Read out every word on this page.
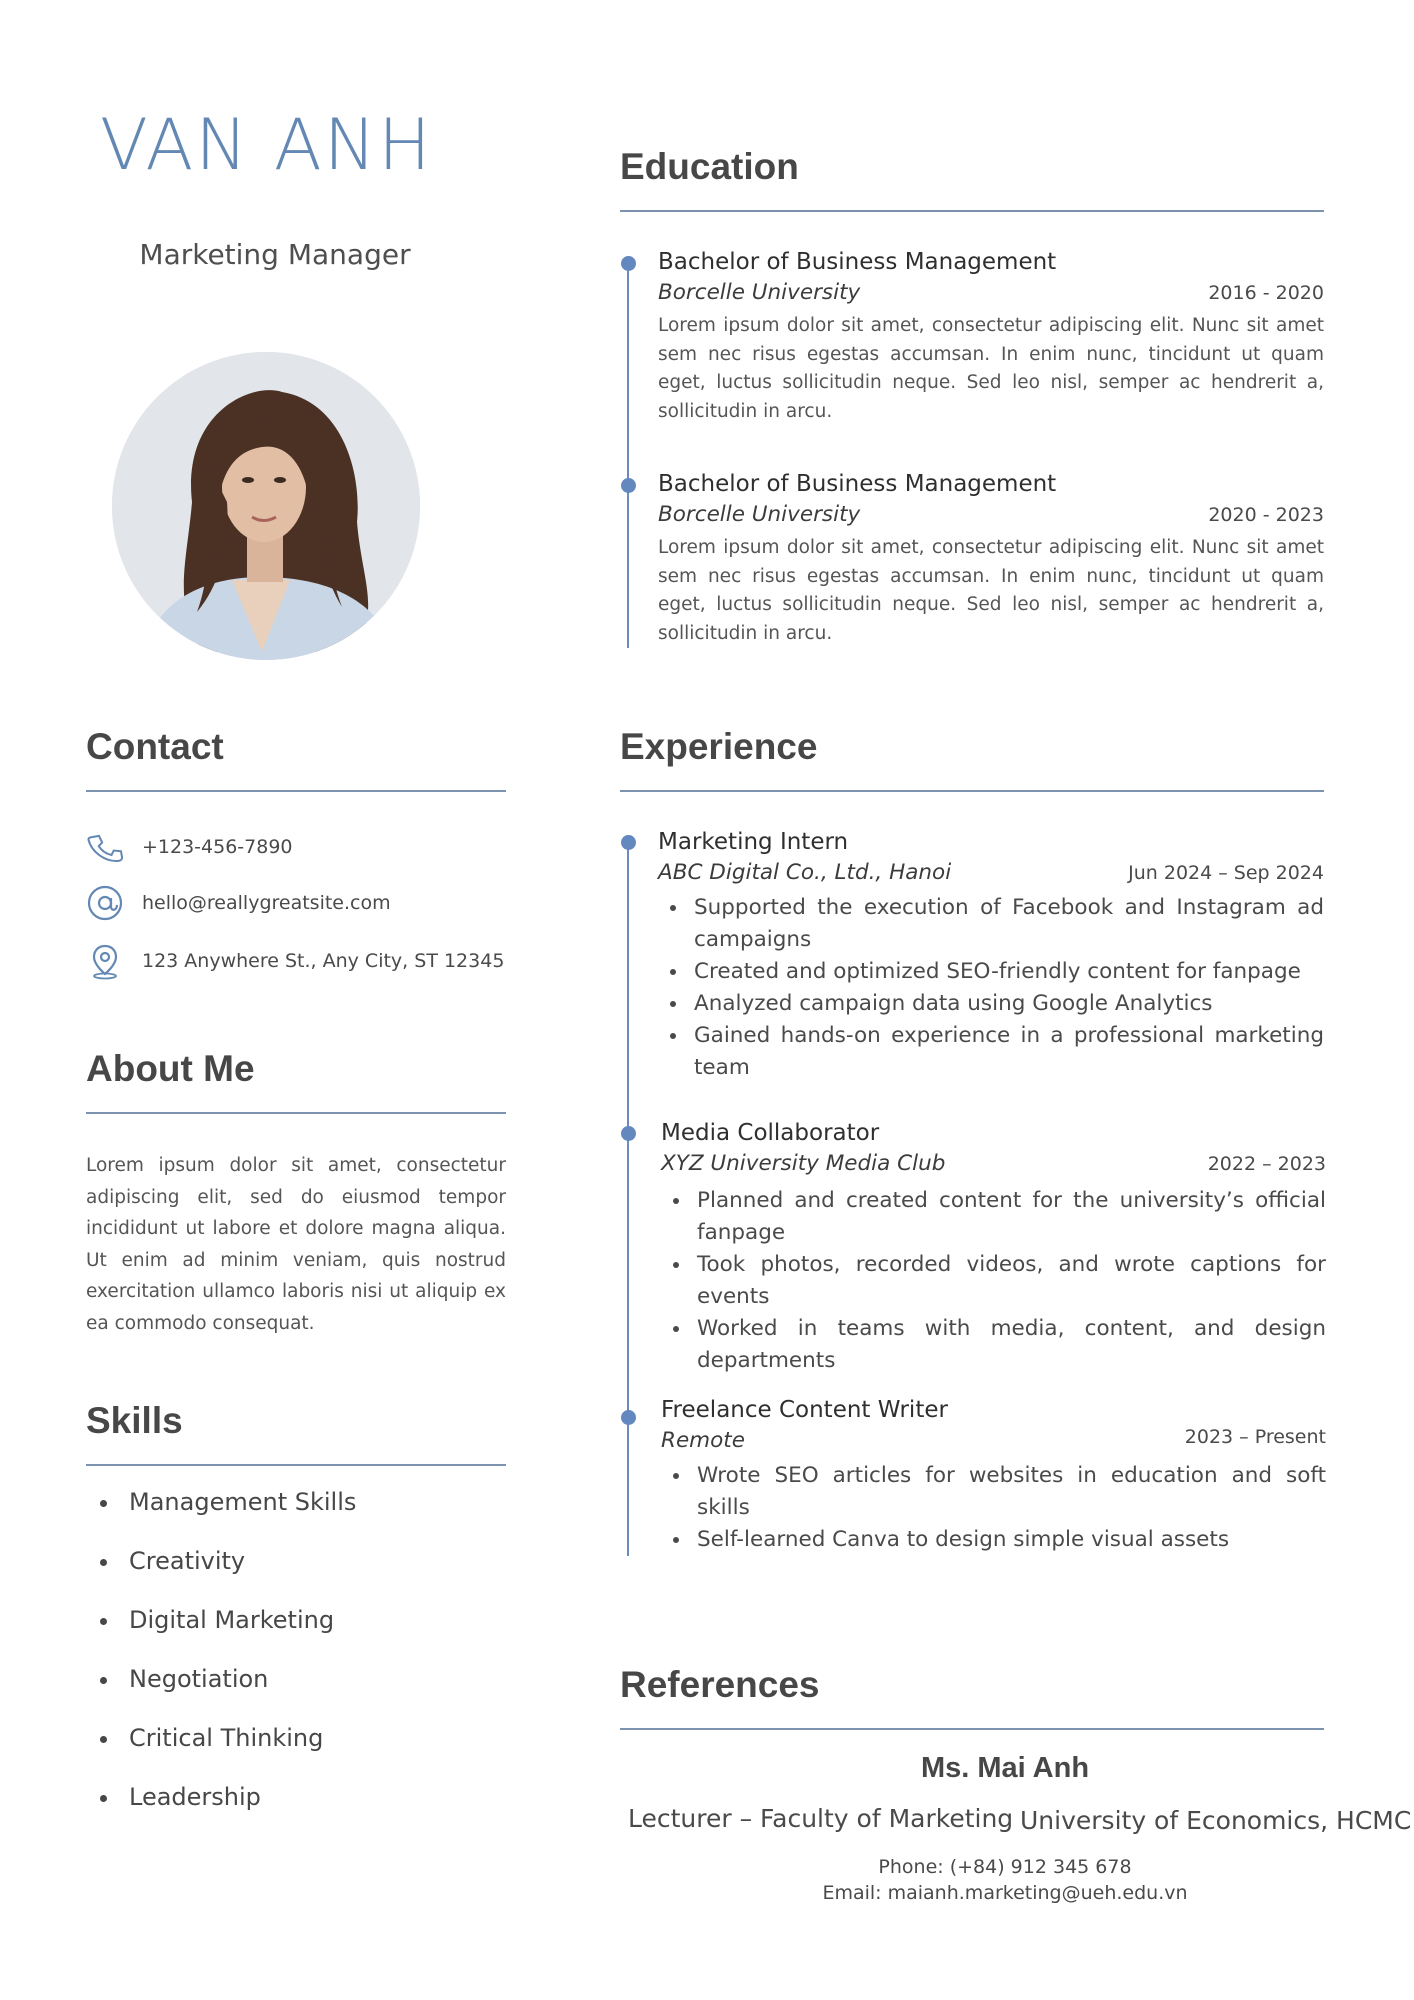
VAN ANH
Marketing Manager
Contact
+123-456-7890
hello@reallygreatsite.com
123 Anywhere St., Any City, ST 12345
About Me

Lorem ipsum dolor sit amet, consectetur adipiscing elit, sed do eiusmod tempor incididunt ut labore et dolore magna aliqua. Ut enim ad minim veniam, quis nostrud exercitation ullamco laboris nisi ut aliquip ex ea commodo consequat.

Skills
Management Skills
Creativity
Digital Marketing
Negotiation
Critical Thinking
Leadership
Education
Bachelor of Business Management
Borcelle University	2016 - 2020

Lorem ipsum dolor sit amet, consectetur adipiscing elit. Nunc sit amet sem nec risus egestas accumsan. In enim nunc, tincidunt ut quam eget, luctus sollicitudin neque. Sed leo nisl, semper ac hendrerit a, sollicitudin in arcu.

Bachelor of Business Management
Borcelle University	2020 - 2023

Lorem ipsum dolor sit amet, consectetur adipiscing elit. Nunc sit amet sem nec risus egestas accumsan. In enim nunc, tincidunt ut quam eget, luctus sollicitudin neque. Sed leo nisl, semper ac hendrerit a, sollicitudin in arcu.

Experience
Marketing Intern
ABC Digital Co., Ltd., Hanoi	Jun 2024 – Sep 2024
Supported the execution of Facebook and Instagram ad campaigns
Created and optimized SEO-friendly content for fanpage
Analyzed campaign data using Google Analytics
Gained hands-on experience in a professional marketing team
Media Collaborator
XYZ University Media Club	2022 – 2023
Planned and created content for the university’s official fanpage
Took photos, recorded videos, and wrote captions for events
Worked in teams with media, content, and design departments
Freelance Content Writer
Remote	2023 – Present
Wrote SEO articles for websites in education and soft skills
Self-learned Canva to design simple visual assets
References
Ms. Mai Anh
Lecturer – Faculty of Marketing University of Economics, HCMC
Phone: (+84) 912 345 678
Email: maianh.marketing@ueh.edu.vn
